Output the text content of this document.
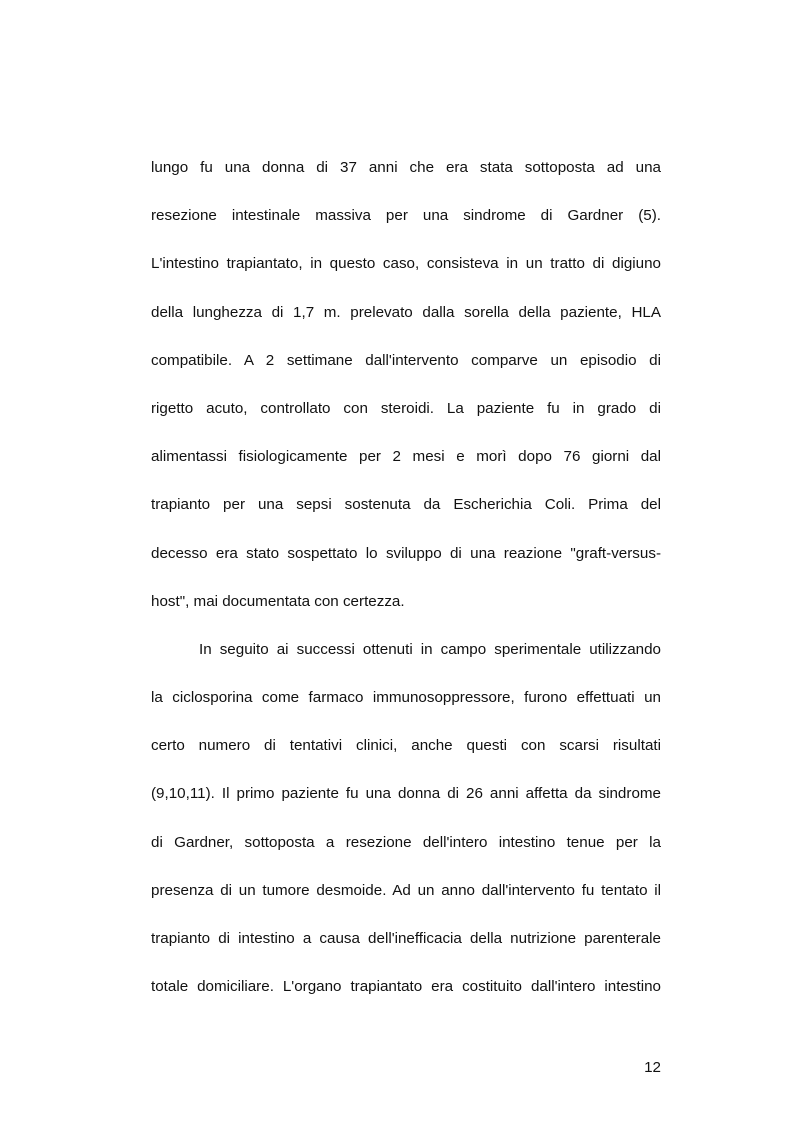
lungo fu una donna di 37 anni che era stata sottoposta ad una
resezione intestinale massiva per una sindrome di Gardner (5).
L'intestino trapiantato, in questo caso, consisteva in un tratto di digiuno
della lunghezza di 1,7 m. prelevato dalla sorella della paziente, HLA
compatibile. A 2 settimane dall'intervento comparve un episodio di
rigetto acuto, controllato con steroidi. La paziente fu in grado di
alimentassi fisiologicamente per 2 mesi e morì dopo 76 giorni dal
trapianto per una sepsi sostenuta da Escherichia Coli. Prima del
decesso era stato sospettato lo sviluppo di una reazione "graft-versus-
host", mai documentata con certezza.
In seguito ai successi ottenuti in campo sperimentale utilizzando
la ciclosporina come farmaco immunosoppressore, furono effettuati un
certo numero di tentativi clinici, anche questi con scarsi risultati
(9,10,11). Il primo paziente fu una donna di 26 anni affetta da sindrome
di Gardner, sottoposta a resezione dell'intero intestino tenue per la
presenza di un tumore desmoide. Ad un anno dall'intervento fu tentato il
trapianto di intestino a causa dell'inefficacia della nutrizione parenterale
totale domiciliare. L'organo trapiantato era costituito dall'intero intestino
12
